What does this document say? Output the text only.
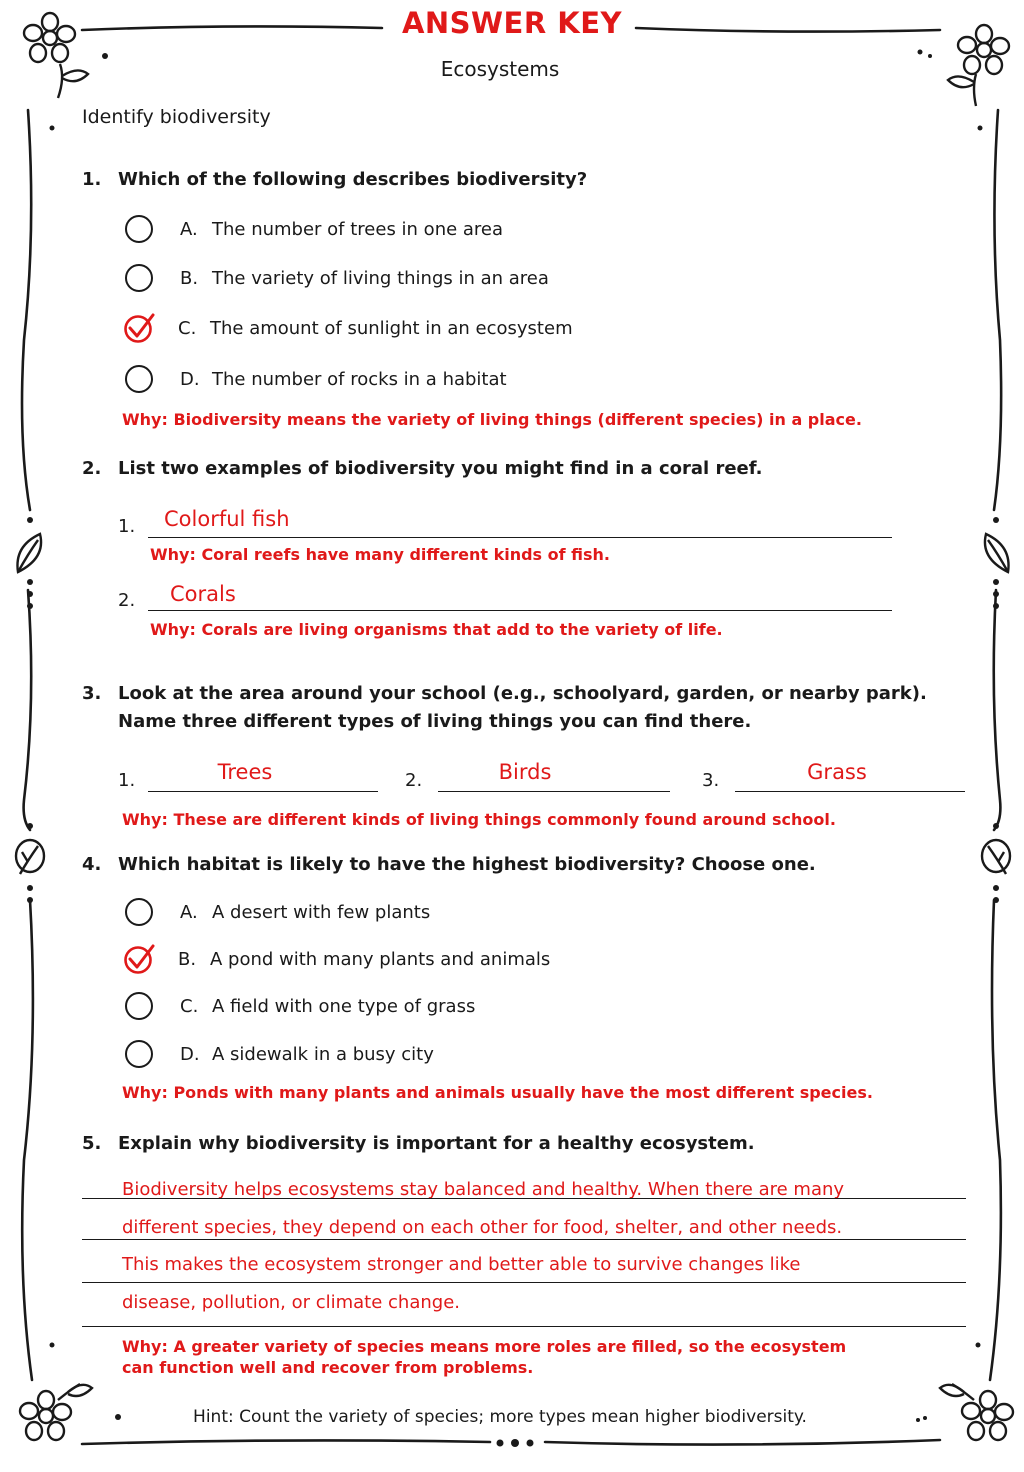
ANSWER KEY
Ecosystems
Identify biodiversity
1. Which of the following describes biodiversity?
A. The number of trees in one area
B. The variety of living things in an area
C. The amount of sunlight in an ecosystem
D. The number of rocks in a habitat
Why: Biodiversity means the variety of living things (different species) in a place.
2. List two examples of biodiversity you might find in a coral reef.
1. Colorful fish
Why: Coral reefs have many different kinds of fish.
2. Corals
Why: Corals are living organisms that add to the variety of life.
3. Look at the area around your school (e.g., schoolyard, garden, or nearby park).
Name three different types of living things you can find there.
1.	Trees	2.	Birds	3.	Grass
Why: These are different kinds of living things commonly found around school.
4. Which habitat is likely to have the highest biodiversity? Choose one.
A. A desert with few plants
B. A pond with many plants and animals
C. A field with one type of grass
D. A sidewalk in a busy city
Why: Ponds with many plants and animals usually have the most different species.
5. Explain why biodiversity is important for a healthy ecosystem.
Biodiversity helps ecosystems stay balanced and healthy. When there are many
different species, they depend on each other for food, shelter, and other needs.
This makes the ecosystem stronger and better able to survive changes like
disease, pollution, or climate change.
Why: A greater variety of species means more roles are filled, so the ecosystem
can function well and recover from problems.
Hint: Count the variety of species; more types mean higher biodiversity.
